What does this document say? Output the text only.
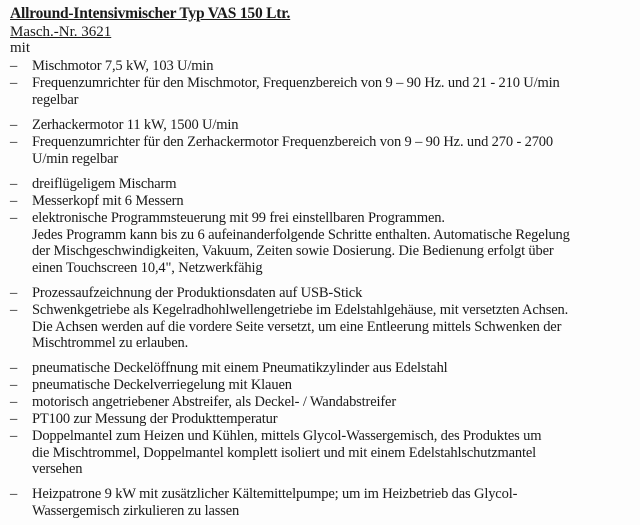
Allround-Intensivmischer Typ VAS 150 Ltr.
Masch.-Nr. 3621
mit
– Mischmotor 7,5 kW, 103 U/min
– Frequenzumrichter für den Mischmotor, Frequenzbereich von 9 – 90 Hz. und 21 - 210 U/min
regelbar
– Zerhackermotor 11 kW, 1500 U/min
– Frequenzumrichter für den Zerhackermotor Frequenzbereich von 9 – 90 Hz. und 270 - 2700
U/min regelbar
– dreiflügeligem Mischarm
– Messerkopf mit 6 Messern
– elektronische Programmsteuerung mit 99 frei einstellbaren Programmen.
Jedes Programm kann bis zu 6 aufeinanderfolgende Schritte enthalten. Automatische Regelung
der Mischgeschwindigkeiten, Vakuum, Zeiten sowie Dosierung. Die Bedienung erfolgt über
einen Touchscreen 10,4", Netzwerkfähig
– Prozessaufzeichnung der Produktionsdaten auf USB-Stick
– Schwenkgetriebe als Kegelradhohlwellengetriebe im Edelstahlgehäuse, mit versetzten Achsen.
Die Achsen werden auf die vordere Seite versetzt, um eine Entleerung mittels Schwenken der
Mischtrommel zu erlauben.
– pneumatische Deckelöffnung mit einem Pneumatikzylinder aus Edelstahl
– pneumatische Deckelverriegelung mit Klauen
– motorisch angetriebener Abstreifer, als Deckel- / Wandabstreifer
– PT100 zur Messung der Produkttemperatur
– Doppelmantel zum Heizen und Kühlen, mittels Glycol-Wassergemisch, des Produktes um
die Mischtrommel, Doppelmantel komplett isoliert und mit einem Edelstahlschutzmantel
versehen
– Heizpatrone 9 kW mit zusätzlicher Kältemittelpumpe; um im Heizbetrieb das Glycol-
Wassergemisch zirkulieren zu lassen
